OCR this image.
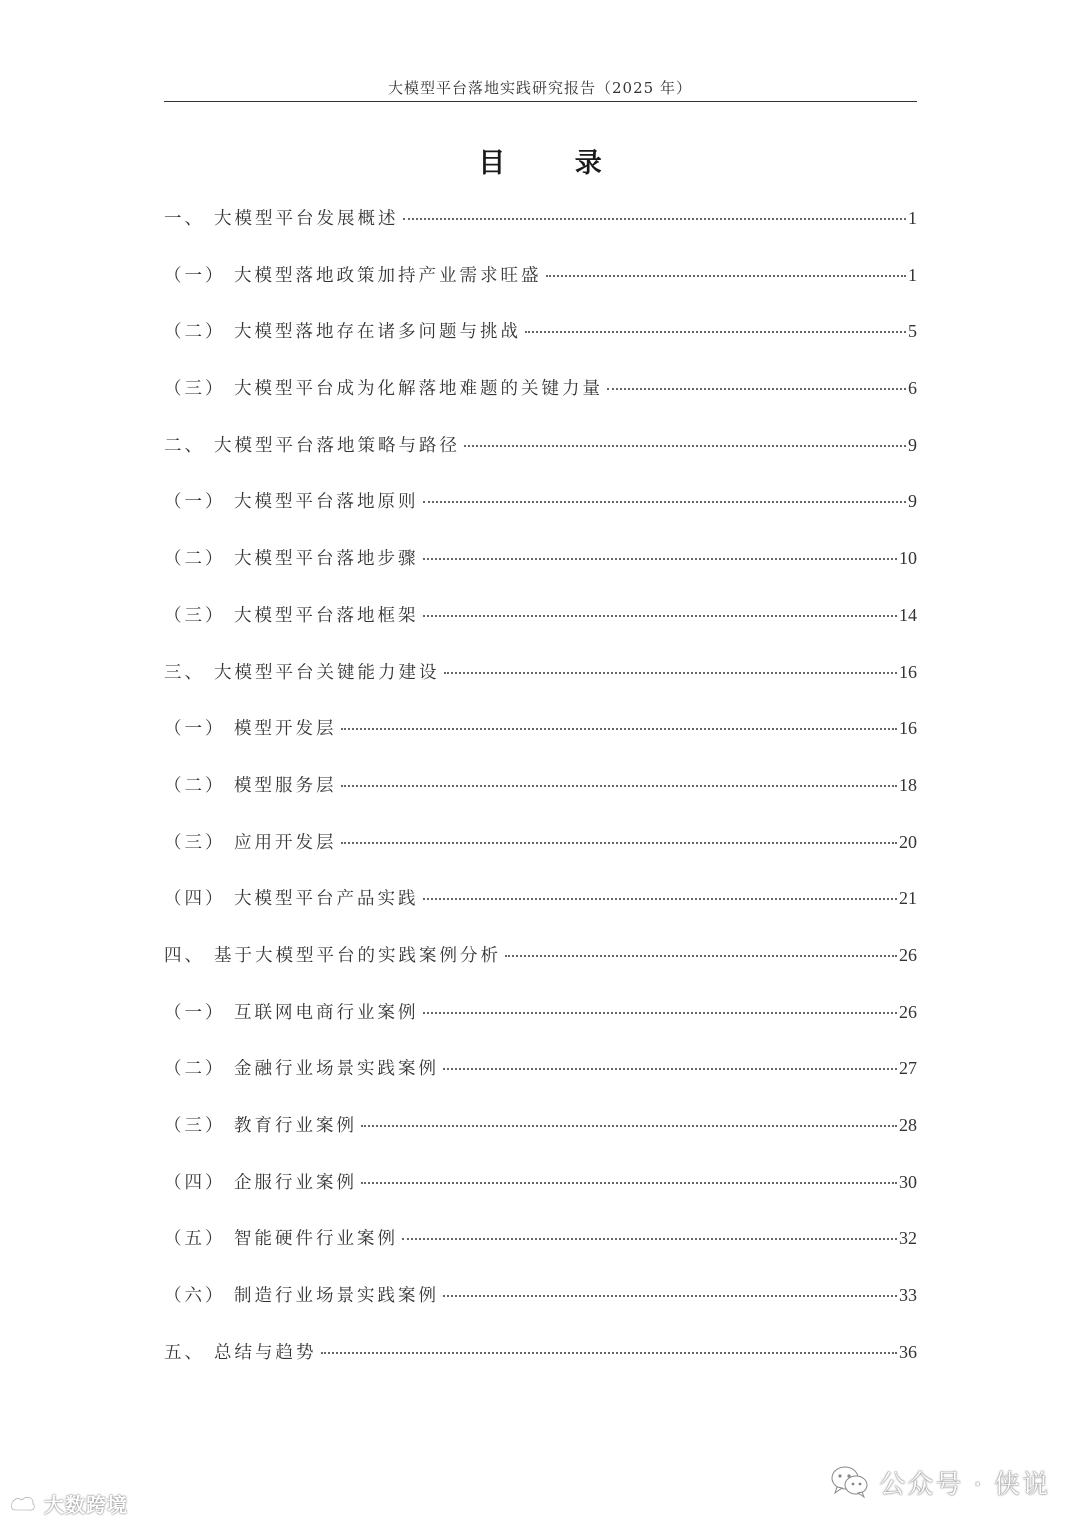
大模型平台落地实践研究报告（2025 年）
目 录
一、 大模型平台发展概述	1
（一） 大模型落地政策加持产业需求旺盛	1
（二） 大模型落地存在诸多问题与挑战	5
（三） 大模型平台成为化解落地难题的关键力量	6
二、 大模型平台落地策略与路径	9
（一） 大模型平台落地原则	9
（二） 大模型平台落地步骤	10
（三） 大模型平台落地框架	14
三、 大模型平台关键能力建设	16
（一） 模型开发层	16
（二） 模型服务层	18
（三） 应用开发层	20
（四） 大模型平台产品实践	21
四、 基于大模型平台的实践案例分析	26
（一） 互联网电商行业案例	26
（二） 金融行业场景实践案例	27
（三） 教育行业案例	28
（四） 企服行业案例	30
（五） 智能硬件行业案例	32
（六） 制造行业场景实践案例	33
五、 总结与趋势	36
大数跨境
公众号 · 侠说
